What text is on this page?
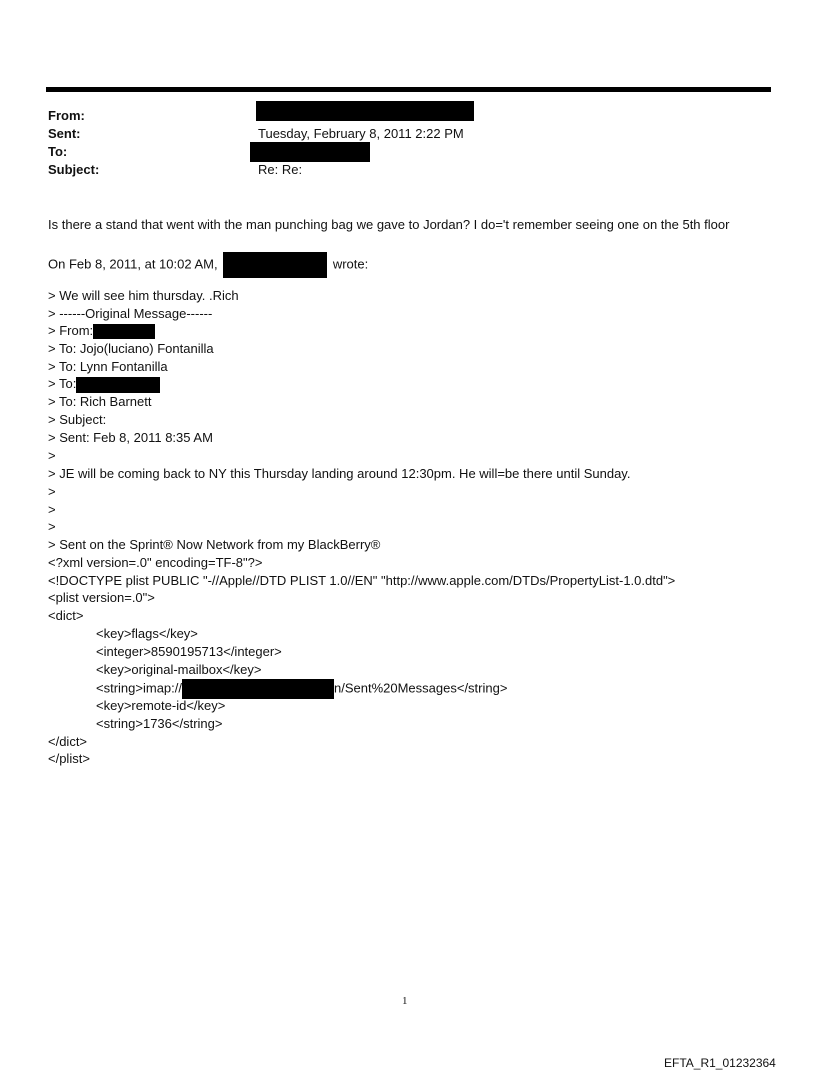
From:
Sent:	Tuesday, February 8, 2011 2:22 PM
To:
Subject:	Re: Re:
Is there a stand that went with the man punching bag we gave to Jordan? I do='t remember seeing one on the 5th floor
On Feb 8, 2011, at 10:02 AM,	wrote:
> We will see him thursday. .Rich
> ------Original Message------
> From:
> To: Jojo(luciano) Fontanilla
> To: Lynn Fontanilla
> To:
> To: Rich Barnett
> Subject:
> Sent: Feb 8, 2011 8:35 AM
>
> JE will be coming back to NY this Thursday landing around 12:30pm. He will=be there until Sunday.
>
>
>
> Sent on the Sprint® Now Network from my BlackBerry®
<?xml version=.0" encoding=TF-8"?>
<!DOCTYPE plist PUBLIC "-//Apple//DTD PLIST 1.0//EN" "http://www.apple.com/DTDs/PropertyList-1.0.dtd">
<plist version=.0">
<dict>
<key>flags</key>
<integer>8590195713</integer>
<key>original-mailbox</key>
<string>imap://	n/Sent%20Messages</string>
<key>remote-id</key>
<string>1736</string>
</dict>
</plist>
1
EFTA_R1_01232364
